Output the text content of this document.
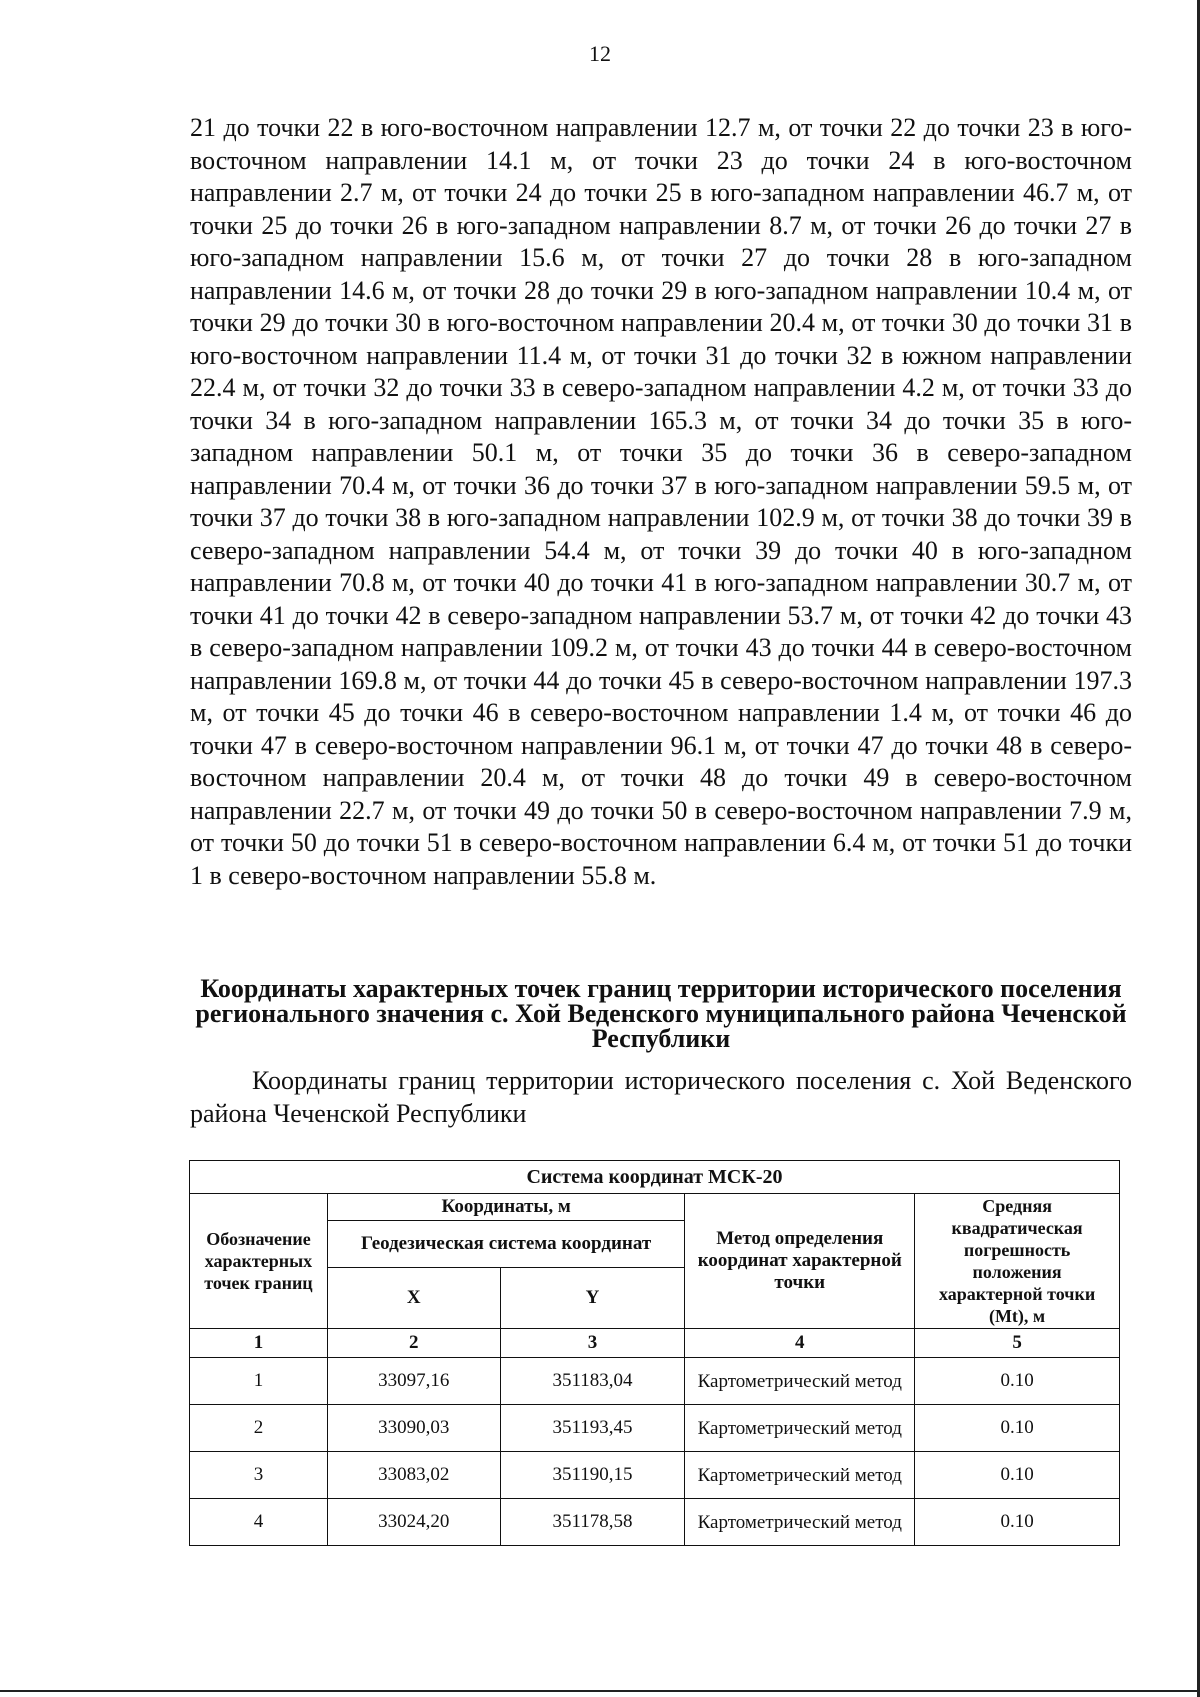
12

21 до точки 22 в юго-восточном направлении 12.7 м, от точки 22 до точки 23 в юго-восточном направлении 14.1 м, от точки 23 до точки 24 в юго-восточном направлении 2.7 м, от точки 24 до точки 25 в юго-западном направлении 46.7 м, от точки 25 до точки 26 в юго-западном направлении 8.7 м, от точки 26 до точки 27 в юго-западном направлении 15.6 м, от точки 27 до точки 28 в юго-западном направлении 14.6 м, от точки 28 до точки 29 в юго-западном направлении 10.4 м, от точки 29 до точки 30 в юго-восточном направлении 20.4 м, от точки 30 до точки 31 в юго-восточном направлении 11.4 м, от точки 31 до точки 32 в южном направлении 22.4 м, от точки 32 до точки 33 в северо-западном направлении 4.2 м, от точки 33 до точки 34 в юго-западном направлении 165.3 м, от точки 34 до точки 35 в юго-западном направлении 50.1 м, от точки 35 до точки 36 в северо-западном направлении 70.4 м, от точки 36 до точки 37 в юго-западном направлении 59.5 м, от точки 37 до точки 38 в юго-западном направлении 102.9 м, от точки 38 до точки 39 в северо-западном направлении 54.4 м, от точки 39 до точки 40 в юго-западном направлении 70.8 м, от точки 40 до точки 41 в юго-западном направлении 30.7 м, от точки 41 до точки 42 в северо-западном направлении 53.7 м, от точки 42 до точки 43 в северо-западном направлении 109.2 м, от точки 43 до точки 44 в северо-восточном направлении 169.8 м, от точки 44 до точки 45 в северо-восточном направлении 197.3 м, от точки 45 до точки 46 в северо-восточном направлении 1.4 м, от точки 46 до точки 47 в северо-восточном направлении 96.1 м, от точки 47 до точки 48 в северо-восточном направлении 20.4 м, от точки 48 до точки 49 в северо-восточном направлении 22.7 м, от точки 49 до точки 50 в северо-восточном направлении 7.9 м, от точки 50 до точки 51 в северо-восточном направлении 6.4 м, от точки 51 до точки 1 в северо-восточном направлении 55.8 м.

Координаты характерных точек границ территории исторического поселения регионального значения с. Хой Веденского муниципального района Чеченской Республики

Координаты границ территории исторического поселения с. Хой Веденского района Чеченской Республики

Система координат МСК-20				
Обозначение характерных точек границ	Координаты, м		Метод определения координат характерной точки	Средняя квадратическая погрешность положения характерной точки (Mt), м
	Геодезическая система координат			
	X	Y		
1	2	3	4	5
1	33097,16	351183,04	Картометрический метод	0.10
2	33090,03	351193,45	Картометрический метод	0.10
3	33083,02	351190,15	Картометрический метод	0.10
4	33024,20	351178,58	Картометрический метод	0.10
